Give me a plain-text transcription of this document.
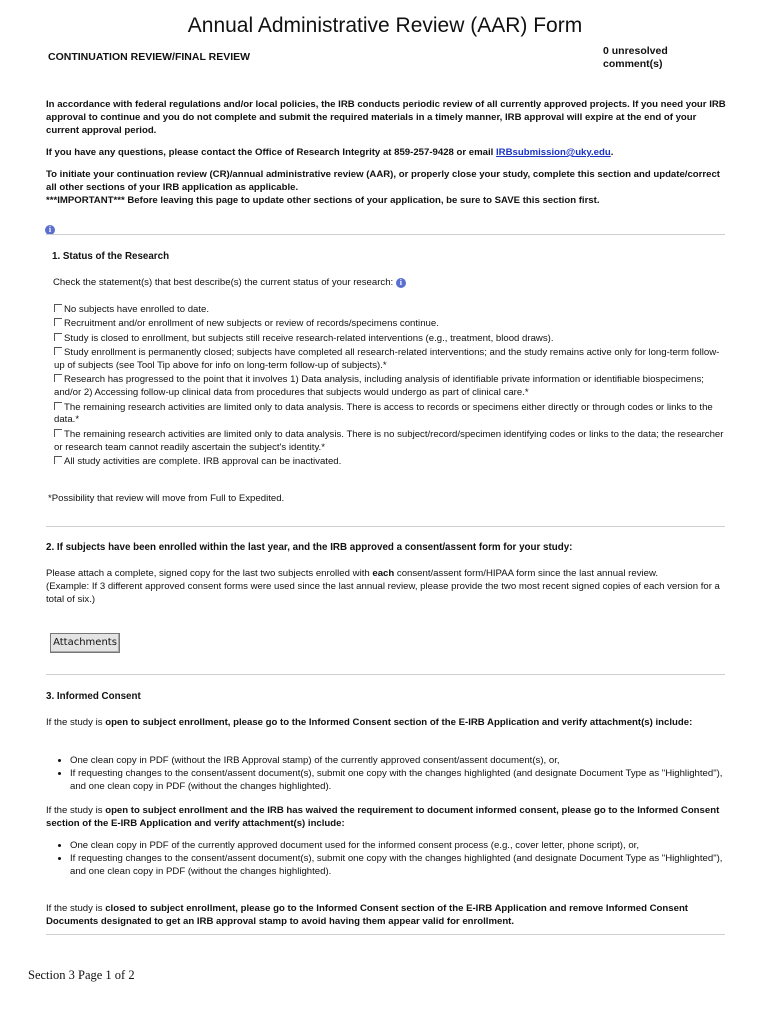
Annual Administrative Review (AAR) Form
CONTINUATION REVIEW/FINAL REVIEW	0 unresolved comment(s)
In accordance with federal regulations and/or local policies, the IRB conducts periodic review of all currently approved projects. If you need your IRB approval to continue and you do not complete and submit the required materials in a timely manner, IRB approval will expire at the end of your current approval period.
If you have any questions, please contact the Office of Research Integrity at 859-257-9428 or email IRBsubmission@uky.edu.
To initiate your continuation review (CR)/annual administrative review (AAR), or properly close your study, complete this section and update/correct all other sections of your IRB application as applicable.
***IMPORTANT*** Before leaving this page to update other sections of your application, be sure to SAVE this section first.
i
1. Status of the Research
Check the statement(s) that best describe(s) the current status of your research: i
No subjects have enrolled to date.
Recruitment and/or enrollment of new subjects or review of records/specimens continue.
Study is closed to enrollment, but subjects still receive research-related interventions (e.g., treatment, blood draws).
Study enrollment is permanently closed; subjects have completed all research-related interventions; and the study remains active only for long-term follow-up of subjects (see Tool Tip above for info on long-term follow-up of subjects).*
Research has progressed to the point that it involves 1) Data analysis, including analysis of identifiable private information or identifiable biospecimens; and/or 2) Accessing follow-up clinical data from procedures that subjects would undergo as part of clinical care.*
The remaining research activities are limited only to data analysis. There is access to records or specimens either directly or through codes or links to the data.*
The remaining research activities are limited only to data analysis. There is no subject/record/specimen identifying codes or links to the data; the researcher or research team cannot readily ascertain the subject's identity.*
All study activities are complete. IRB approval can be inactivated.
*Possibility that review will move from Full to Expedited.
2. If subjects have been enrolled within the last year, and the IRB approved a consent/assent form for your study:
Please attach a complete, signed copy for the last two subjects enrolled with each consent/assent form/HIPAA form since the last annual review.
(Example: If 3 different approved consent forms were used since the last annual review, please provide the two most recent signed copies of each version for a total of six.)
Attachments
3. Informed Consent
If the study is open to subject enrollment, please go to the Informed Consent section of the E-IRB Application and verify attachment(s) include:
• One clean copy in PDF (without the IRB Approval stamp) of the currently approved consent/assent document(s), or,
• If requesting changes to the consent/assent document(s), submit one copy with the changes highlighted (and designate Document Type as "Highlighted"), and one clean copy in PDF (without the changes highlighted).
If the study is open to subject enrollment and the IRB has waived the requirement to document informed consent, please go to the Informed Consent section of the E-IRB Application and verify attachment(s) include:
• One clean copy in PDF of the currently approved document used for the informed consent process (e.g., cover letter, phone script), or,
• If requesting changes to the consent/assent document(s), submit one copy with the changes highlighted (and designate Document Type as "Highlighted"), and one clean copy in PDF (without the changes highlighted).
If the study is closed to subject enrollment, please go to the Informed Consent section of the E-IRB Application and remove Informed Consent Documents designated to get an IRB approval stamp to avoid having them appear valid for enrollment.
Section 3 Page 1 of 2
